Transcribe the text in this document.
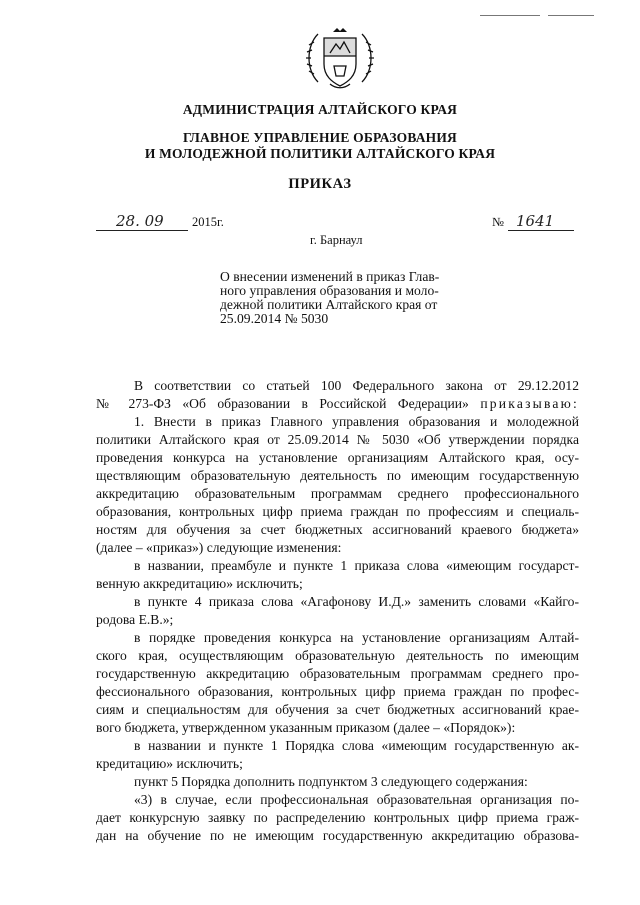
АДМИНИСТРАЦИЯ АЛТАЙСКОГО КРАЯ
ГЛАВНОЕ УПРАВЛЕНИЕ ОБРАЗОВАНИЯ
И МОЛОДЕЖНОЙ ПОЛИТИКИ АЛТАЙСКОГО КРАЯ
ПРИКАЗ
28. 09 2015г.	№ 1641
г. Барнаул
О внесении изменений в приказ Глав-
ного управления образования и моло-
дежной политики Алтайского края от
25.09.2014 № 5030
В соответствии со статьей 100 Федерального закона от 29.12.2012
№ 273-ФЗ «Об образовании в Российской Федерации» приказываю:
1. Внести в приказ Главного управления образования и молодежной
политики Алтайского края от 25.09.2014 № 5030 «Об утверждении порядка
проведения конкурса на установление организациям Алтайского края, осу-
ществляющим образовательную деятельность по имеющим государственную
аккредитацию образовательным программам среднего профессионального
образования, контрольных цифр приема граждан по профессиям и специаль-
ностям для обучения за счет бюджетных ассигнований краевого бюджета»
(далее – «приказ») следующие изменения:
в названии, преамбуле и пункте 1 приказа слова «имеющим государст-
венную аккредитацию» исключить;
в пункте 4 приказа слова «Агафонову И.Д.» заменить словами «Кайго-
родова Е.В.»;
в порядке проведения конкурса на установление организациям Алтай-
ского края, осуществляющим образовательную деятельность по имеющим
государственную аккредитацию образовательным программам среднего про-
фессионального образования, контрольных цифр приема граждан по профес-
сиям и специальностям для обучения за счет бюджетных ассигнований крае-
вого бюджета, утвержденном указанным приказом (далее – «Порядок»):
в названии и пункте 1 Порядка слова «имеющим государственную ак-
кредитацию» исключить;
пункт 5 Порядка дополнить подпунктом 3 следующего содержания:
«3) в случае, если профессиональная образовательная организация по-
дает конкурсную заявку по распределению контрольных цифр приема граж-
дан на обучение по не имеющим государственную аккредитацию образова-
